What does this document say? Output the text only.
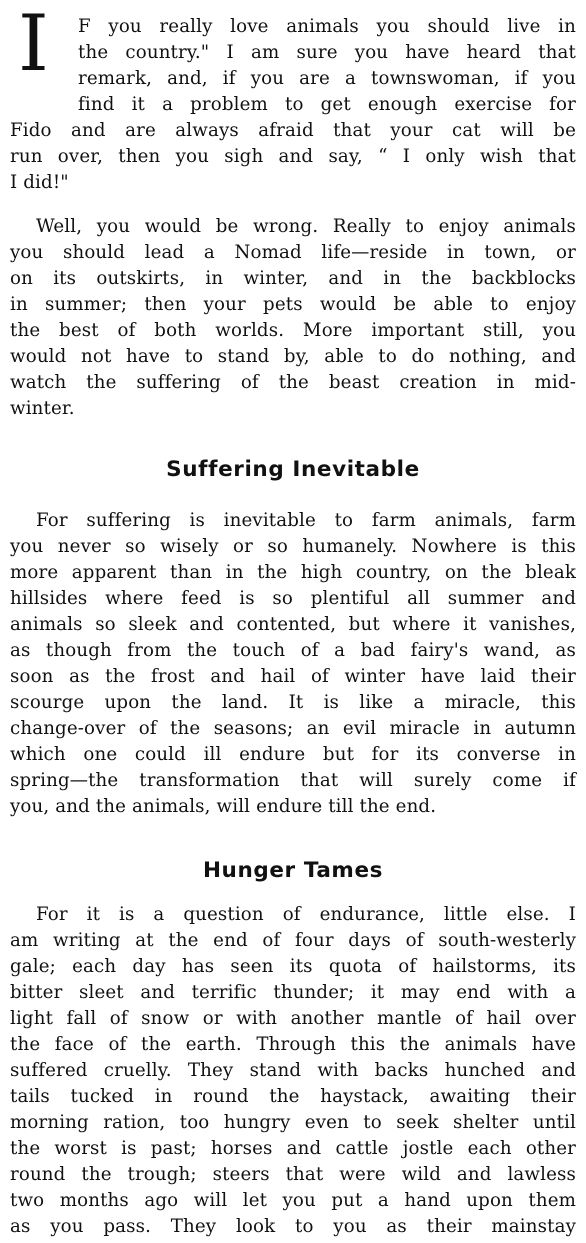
I F you really love animals you should live in
the country." I am sure you have heard that
remark, and, if you are a townswoman, if you
find it a problem to get enough exercise for
Fido and are always afraid that your cat will be
run over, then you sigh and say, “ I only wish that
I did!"
Well, you would be wrong. Really to enjoy animals
you should lead a Nomad life—reside in town, or
on its outskirts, in winter, and in the backblocks
in summer; then your pets would be able to enjoy
the best of both worlds. More important still, you
would not have to stand by, able to do nothing, and
watch the suffering of the beast creation in mid-
winter.
Suffering Inevitable
For suffering is inevitable to farm animals, farm
you never so wisely or so humanely. Nowhere is this
more apparent than in the high country, on the bleak
hillsides where feed is so plentiful all summer and
animals so sleek and contented, but where it vanishes,
as though from the touch of a bad fairy's wand, as
soon as the frost and hail of winter have laid their
scourge upon the land. It is like a miracle, this
change-over of the seasons; an evil miracle in autumn
which one could ill endure but for its converse in
spring—the transformation that will surely come if
you, and the animals, will endure till the end.
Hunger Tames
For it is a question of endurance, little else. I
am writing at the end of four days of south-westerly
gale; each day has seen its quota of hailstorms, its
bitter sleet and terrific thunder; it may end with a
light fall of snow or with another mantle of hail over
the face of the earth. Through this the animals have
suffered cruelly. They stand with backs hunched and
tails tucked in round the haystack, awaiting their
morning ration, too hungry even to seek shelter until
the worst is past; horses and cattle jostle each other
round the trough; steers that were wild and lawless
two months ago will let you put a hand upon them
as you pass. They look to you as their mainstay
